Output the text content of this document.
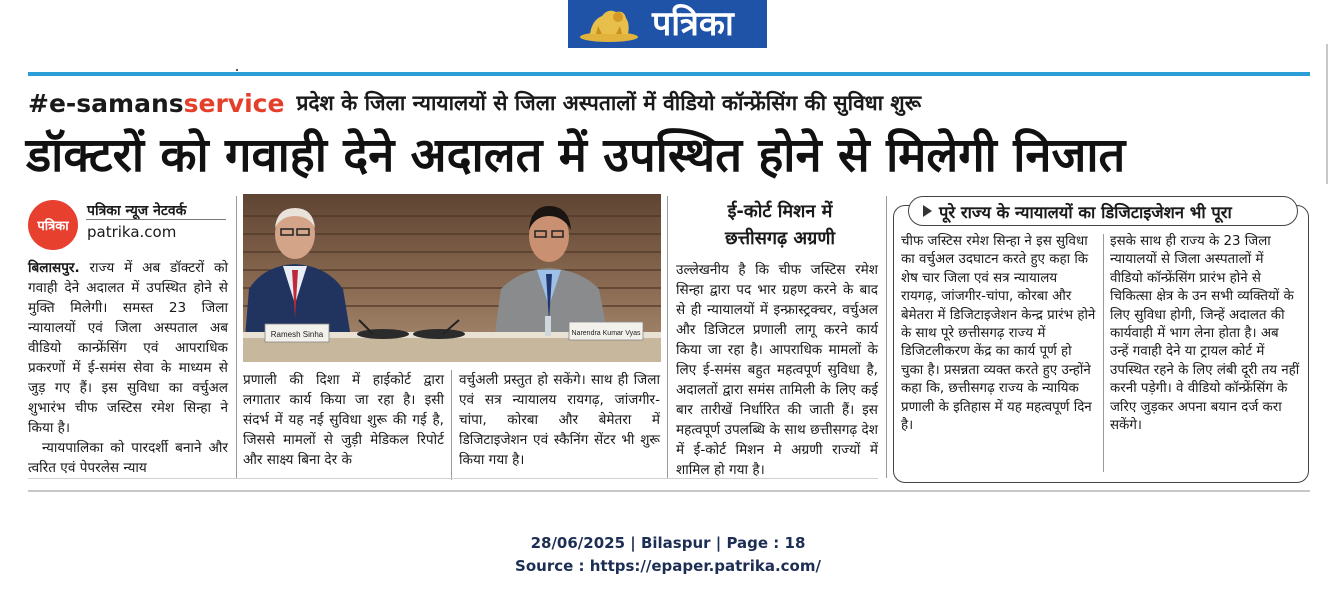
पत्रिका
# e-samans service प्रदेश के जिला न्यायालयों से जिला अस्पतालों में वीडियो कॉन्फ्रेंसिंग की सुविधा शुरू
डॉक्टरों को गवाही देने अदालत में उपस्थित होने से मिलेगी निजात
पत्रिका
पत्रिका न्यूज नेटवर्क
patrika.com

बिलासपुर. राज्य में अब डॉक्टरों को गवाही देने अदालत में उपस्थित होने से मुक्ति मिलेगी। समस्त 23 जिला न्यायालयों एवं जिला अस्पताल अब वीडियो कान्फ्रेंसिंग एवं आपराधिक प्रकरणों में ई-समंस सेवा के माध्यम से जुड़ गए हैं। इस सुविधा का वर्चुअल शुभारंभ चीफ जस्टिस रमेश सिन्हा ने किया है।

न्यायपालिका को पारदर्शी बनाने और त्वरित एवं पेपरलेस न्याय

Ramesh Sinha	Narendra Kumar Vyas
प्रणाली की दिशा में हाईकोर्ट द्वारा लगातार कार्य किया जा रहा है। इसी संदर्भ में यह नई सुविधा शुरू की गई है, जिससे मामलों से जुड़ी मेडिकल रिपोर्ट और साक्ष्य बिना देर के
वर्चुअली प्रस्तुत हो सकेंगे। साथ ही जिला एवं सत्र न्यायालय रायगढ़, जांजगीर-चांपा, कोरबा और बेमेतरा में डिजिटाइजेशन एवं स्कैनिंग सेंटर भी शुरू किया गया है।
ई-कोर्ट मिशन में छत्तीसगढ़ अग्रणी
उल्लेखनीय है कि चीफ जस्टिस रमेश सिन्हा द्वारा पद भार ग्रहण करने के बाद से ही न्यायालयों में इन्फ्रास्ट्रक्चर, वर्चुअल और डिजिटल प्रणाली लागू करने कार्य किया जा रहा है। आपराधिक मामलों के लिए ई-समंस बहुत महत्वपूर्ण सुविधा है, अदालतों द्वारा समंस तामिली के लिए कई बार तारीखें निर्धारित की जाती हैं। इस महत्वपूर्ण उपलब्धि के साथ छत्तीसगढ़ देश में ई-कोर्ट मिशन मे अग्रणी राज्यों में शामिल हो गया है।
पूरे राज्य के न्यायालयों का डिजिटाइजेशन भी पूरा
चीफ जस्टिस रमेश सिन्हा ने इस सुविधा का वर्चुअल उदघाटन करते हुए कहा कि शेष चार जिला एवं सत्र न्यायालय रायगढ़, जांजगीर-चांपा, कोरबा और बेमेतरा में डिजिटाइजेशन केन्द्र प्रारंभ होने के साथ पूरे छत्तीसगढ़ राज्य में डिजिटलीकरण केंद्र का कार्य पूर्ण हो चुका है। प्रसन्नता व्यक्त करते हुए उन्होंने कहा कि, छत्तीसगढ़ राज्य के न्यायिक प्रणाली के इतिहास में यह महत्वपूर्ण दिन है।
इसके साथ ही राज्य के 23 जिला न्यायालयों से जिला अस्पतालों में वीडियो कॉन्फ्रेंसिंग प्रारंभ होने से चिकित्सा क्षेत्र के उन सभी व्यक्तियों के लिए सुविधा होगी, जिन्हें अदालत की कार्यवाही में भाग लेना होता है। अब उन्हें गवाही देने या ट्रायल कोर्ट में उपस्थित रहने के लिए लंबी दूरी तय नहीं करनी पड़ेगी। वे वीडियो कॉन्फ्रेंसिंग के जरिए जुड़कर अपना बयान दर्ज करा सकेंगे।
28/06/2025 | Bilaspur | Page : 18
Source : https://epaper.patrika.com/
